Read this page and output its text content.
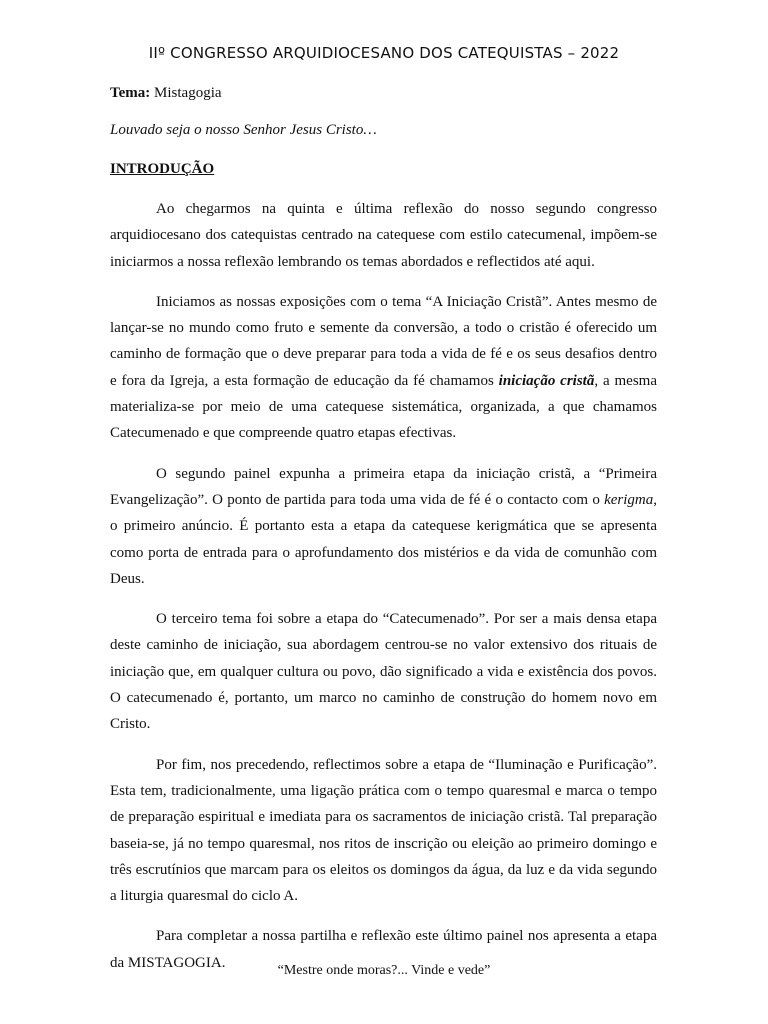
IIº CONGRESSO ARQUIDIOCESANO DOS CATEQUISTAS – 2022
Tema: Mistagogia
Louvado seja o nosso Senhor Jesus Cristo…
INTRODUÇÃO

Ao chegarmos na quinta e última reflexão do nosso segundo congresso arquidiocesano dos catequistas centrado na catequese com estilo catecumenal, impõem-se iniciarmos a nossa reflexão lembrando os temas abordados e reflectidos até aqui.

Iniciamos as nossas exposições com o tema “A Iniciação Cristã”. Antes mesmo de lançar-se no mundo como fruto e semente da conversão, a todo o cristão é oferecido um caminho de formação que o deve preparar para toda a vida de fé e os seus desafios dentro e fora da Igreja, a esta formação de educação da fé chamamos iniciação cristã, a mesma materializa-se por meio de uma catequese sistemática, organizada, a que chamamos Catecumenado e que compreende quatro etapas efectivas.

O segundo painel expunha a primeira etapa da iniciação cristã, a “Primeira Evangelização”. O ponto de partida para toda uma vida de fé é o contacto com o kerigma, o primeiro anúncio. É portanto esta a etapa da catequese kerigmática que se apresenta como porta de entrada para o aprofundamento dos mistérios e da vida de comunhão com Deus.

O terceiro tema foi sobre a etapa do “Catecumenado”. Por ser a mais densa etapa deste caminho de iniciação, sua abordagem centrou-se no valor extensivo dos rituais de iniciação que, em qualquer cultura ou povo, dão significado a vida e existência dos povos. O catecumenado é, portanto, um marco no caminho de construção do homem novo em Cristo.

Por fim, nos precedendo, reflectimos sobre a etapa de “Iluminação e Purificação”. Esta tem, tradicionalmente, uma ligação prática com o tempo quaresmal e marca o tempo de preparação espiritual e imediata para os sacramentos de iniciação cristã. Tal preparação baseia-se, já no tempo quaresmal, nos ritos de inscrição ou eleição ao primeiro domingo e três escrutínios que marcam para os eleitos os domingos da água, da luz e da vida segundo a liturgia quaresmal do ciclo A.

Para completar a nossa partilha e reflexão este último painel nos apresenta a etapa da MISTAGOGIA.	“Mestre onde moras?... Vinde e vede”
